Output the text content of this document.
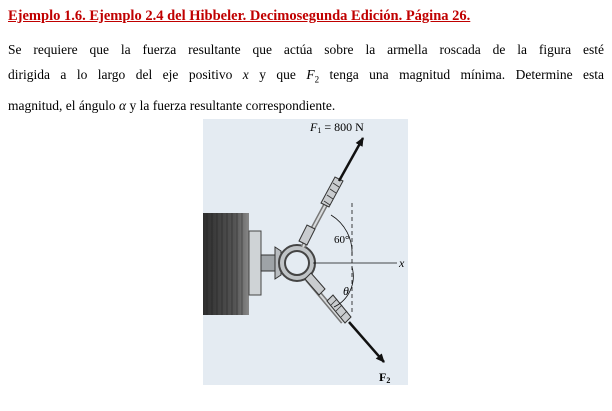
Ejemplo 1.6. Ejemplo 2.4 del Hibbeler. Decimosegunda Edición. Página 26.
Se requiere que la fuerza resultante que actúa sobre la armella roscada de la figura esté
dirigida a lo largo del eje positivo x y que $F_2$ tenga una magnitud mínima. Determine esta
magnitud, el ángulo α y la fuerza resultante correspondiente.
F1 = 800 N
60°
x
θ
F2
